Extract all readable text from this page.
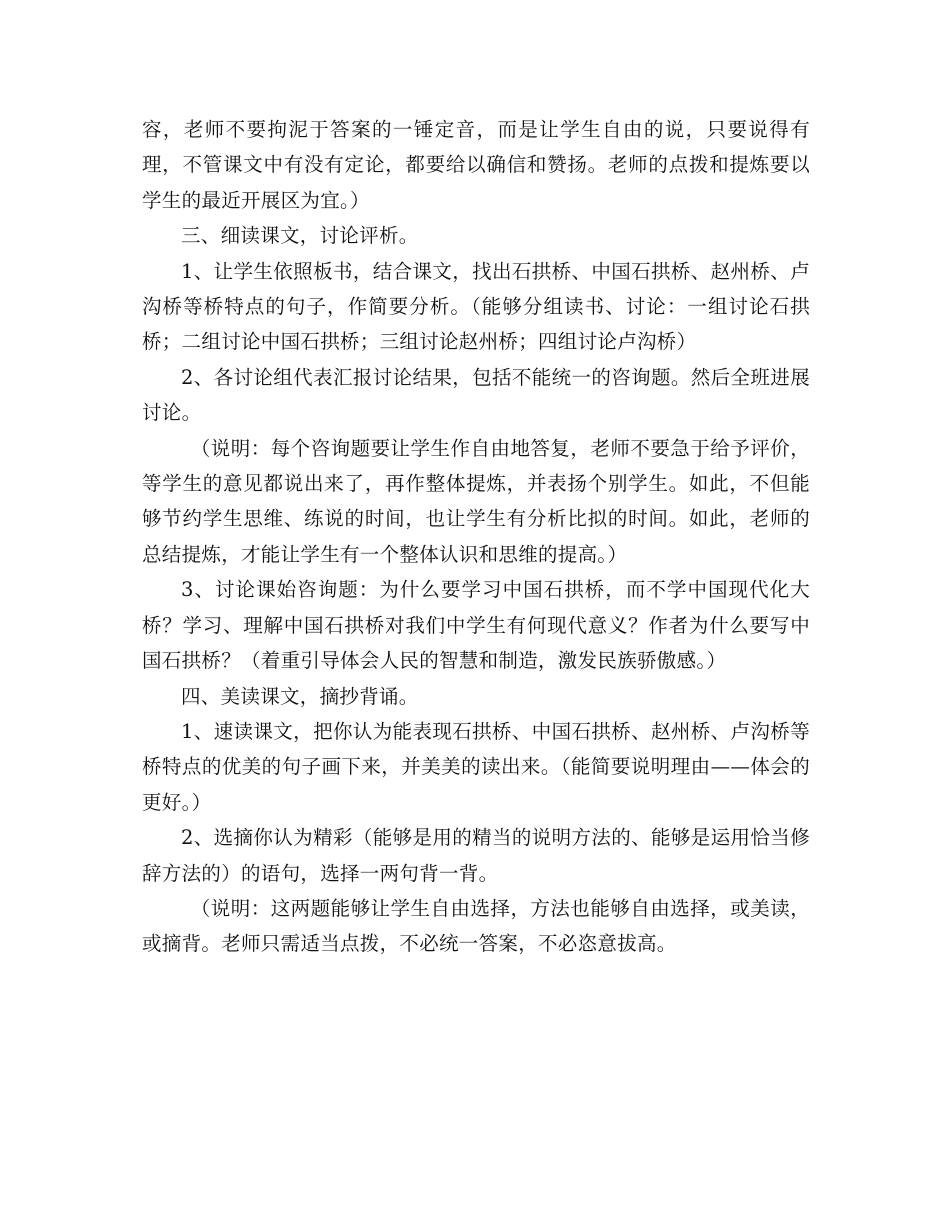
容，老师不要拘泥于答案的一锤定音，而是让学生自由的说，只要说得有理，不管课文中有没有定论，都要给以确信和赞扬。老师的点拨和提炼要以学生的最近开展区为宜。）

三、细读课文，讨论评析。

1、让学生依照板书，结合课文，找出石拱桥、中国石拱桥、赵州桥、卢沟桥等桥特点的句子，作简要分析。（能够分组读书、讨论：一组讨论石拱桥；二组讨论中国石拱桥；三组讨论赵州桥；四组讨论卢沟桥）

2、各讨论组代表汇报讨论结果，包括不能统一的咨询题。然后全班进展讨论。

（说明：每个咨询题要让学生作自由地答复，老师不要急于给予评价，等学生的意见都说出来了，再作整体提炼，并表扬个别学生。如此，不但能够节约学生思维、练说的时间，也让学生有分析比拟的时间。如此，老师的总结提炼，才能让学生有一个整体认识和思维的提高。）

3、讨论课始咨询题：为什么要学习中国石拱桥，而不学中国现代化大桥？学习、理解中国石拱桥对我们中学生有何现代意义？作者为什么要写中国石拱桥？（着重引导体会人民的智慧和制造，激发民族骄傲感。）

四、美读课文，摘抄背诵。

1、速读课文，把你认为能表现石拱桥、中国石拱桥、赵州桥、卢沟桥等桥特点的优美的句子画下来，并美美的读出来。（能简要说明理由——体会的更好。）

2、选摘你认为精彩（能够是用的精当的说明方法的、能够是运用恰当修辞方法的）的语句，选择一两句背一背。

（说明：这两题能够让学生自由选择，方法也能够自由选择，或美读，或摘背。老师只需适当点拨，不必统一答案，不必恣意拔高。
